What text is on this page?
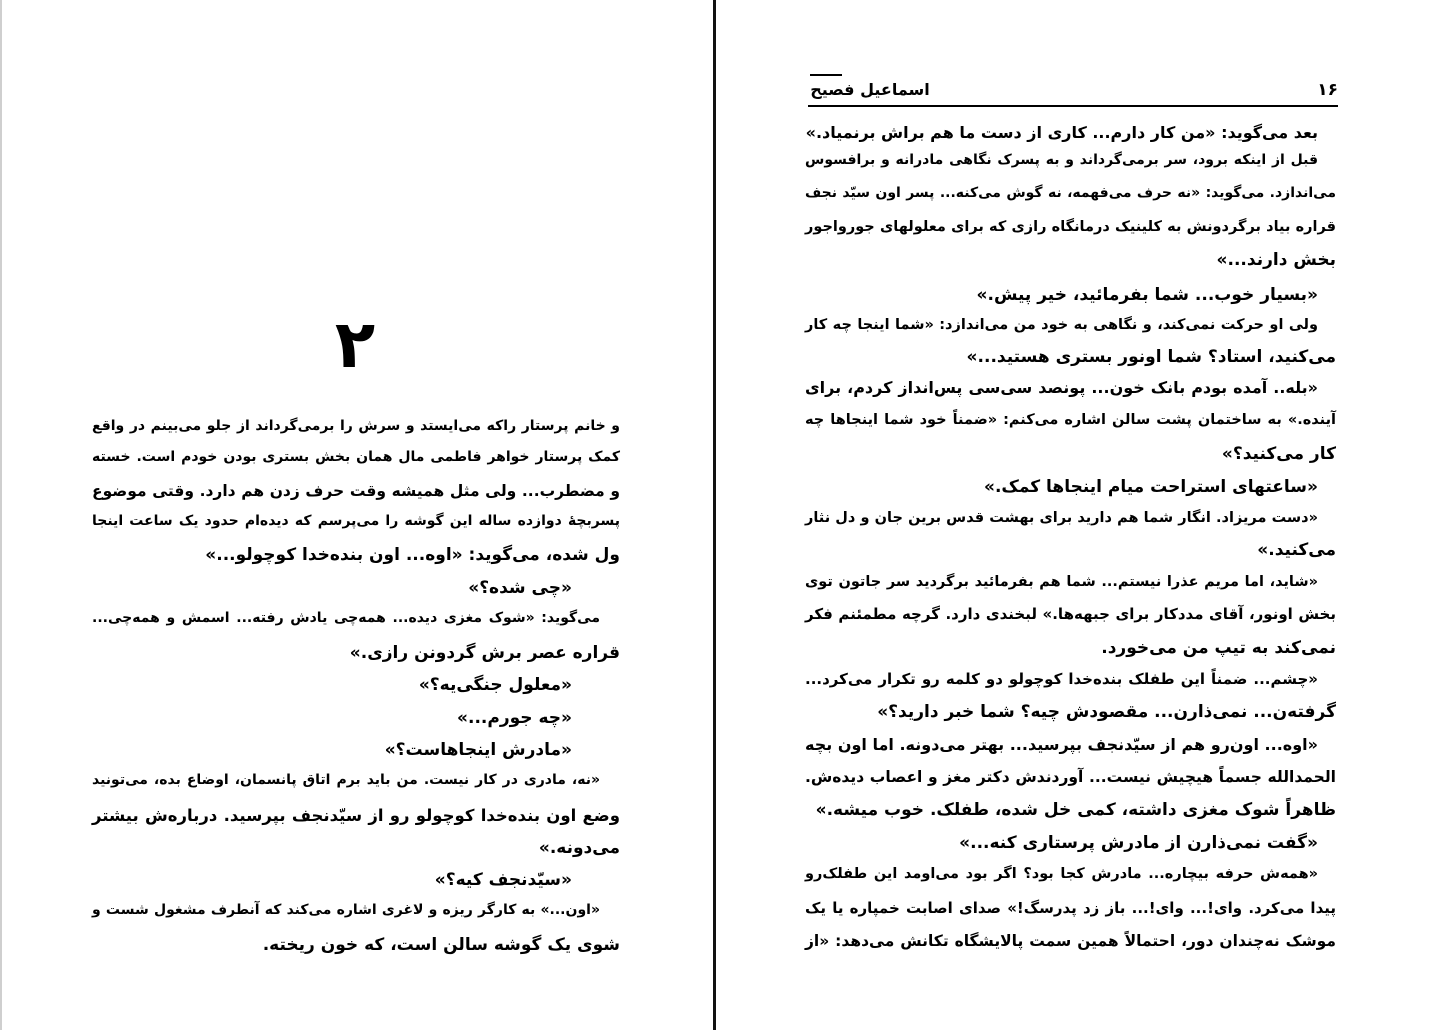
۲
و خانم پرستار راکه می‌ایستد و سرش را برمی‌گرداند از جلو می‌بینم در واقع
کمک پرستار خواهر فاطمی مال همان بخش بستری بودن خودم است. خسته
و مضطرب... ولی مثل همیشه وقت حرف زدن هم دارد. وقتی موضوع
پسربچهٔ دوازده ساله این گوشه را می‌پرسم که دیده‌ام حدود یک ساعت اینجا
ول شده، می‌گوید: «اوه... اون بنده‌خدا کوچولو...»
«چی شده؟»
می‌گوید: «شوک مغزی دیده... همه‌چی یادش رفته... اسمش و همه‌چی...
قراره عصر برش گردونن رازی.»
«معلول جنگی‌یه؟»
«چه جورم...»
«مادرش اینجاهاست؟»
«نه، مادری در کار نیست. من باید برم اتاق پانسمان، اوضاع بده، می‌تونید
وضع اون بنده‌خدا کوچولو رو از سیّدنجف بپرسید. درباره‌ش بیشتر
می‌دونه.»
«سیّدنجف کیه؟»
«اون...» به کارگر ریزه و لاغری اشاره می‌کند که آنطرف مشغول شست و
شوی یک گوشه سالن است، که خون ریخته.
۱۶
اسماعیل فصیح
بعد می‌گوید: «من کار دارم... کاری از دست ما هم براش برنمیاد.»
قبل از اینکه برود، سر برمی‌گرداند و به پسرک نگاهی مادرانه و برافسوس
می‌اندازد. می‌گوید: «نه حرف می‌فهمه، نه گوش می‌کنه... پسر اون سیّد نجف
قراره بیاد برگردونش به کلینیک درمانگاه رازی که برای معلولهای جورواجور
بخش دارند...»
«بسیار خوب... شما بفرمائید، خیر پیش.»
ولی او حرکت نمی‌کند، و نگاهی به خود من می‌اندازد: «شما اینجا چه کار
می‌کنید، استاد؟ شما اونور بستری هستید...»
«بله.. آمده بودم بانک خون... پونصد سی‌سی پس‌انداز کردم، برای
آینده.» به ساختمان پشت سالن اشاره می‌کنم: «ضمناً خود شما اینجاها چه
کار می‌کنید؟»
«ساعتهای استراحت میام اینجاها کمک.»
«دست مریزاد. انگار شما هم دارید برای بهشت قدس برین جان و دل نثار
می‌کنید.»
«شاید، اما مریم عذرا نیستم... شما هم بفرمائید برگردید سر جاتون توی
بخش اونور، آقای مددکار برای جبهه‌ها.» لبخندی دارد. گرچه مطمئنم فکر
نمی‌کند به تیپ من می‌خورد.
«چشم... ضمناً این طفلک بنده‌خدا کوچولو دو کلمه رو تکرار می‌کرد...
گرفته‌ن... نمی‌ذارن... مقصودش چیه؟ شما خبر دارید؟»
«اوه... اون‌رو هم از سیّدنجف بپرسید... بهتر می‌دونه. اما اون بچه
الحمدالله جسماً هیچیش نیست... آوردندش دکتر مغز و اعصاب دیده‌ش.
ظاهراً شوک مغزی داشته، کمی خل شده، طفلک. خوب میشه.»
«گفت نمی‌ذارن از مادرش پرستاری کنه...»
«همه‌ش حرفه بیچاره... مادرش کجا بود؟ اگر بود می‌اومد این طفلک‌رو
پیدا می‌کرد. وای!... وای!... باز زد پدرسگ!» صدای اصابت خمپاره یا یک
موشک نه‌چندان دور، احتمالاً همین سمت پالایشگاه تکانش می‌دهد: «از
